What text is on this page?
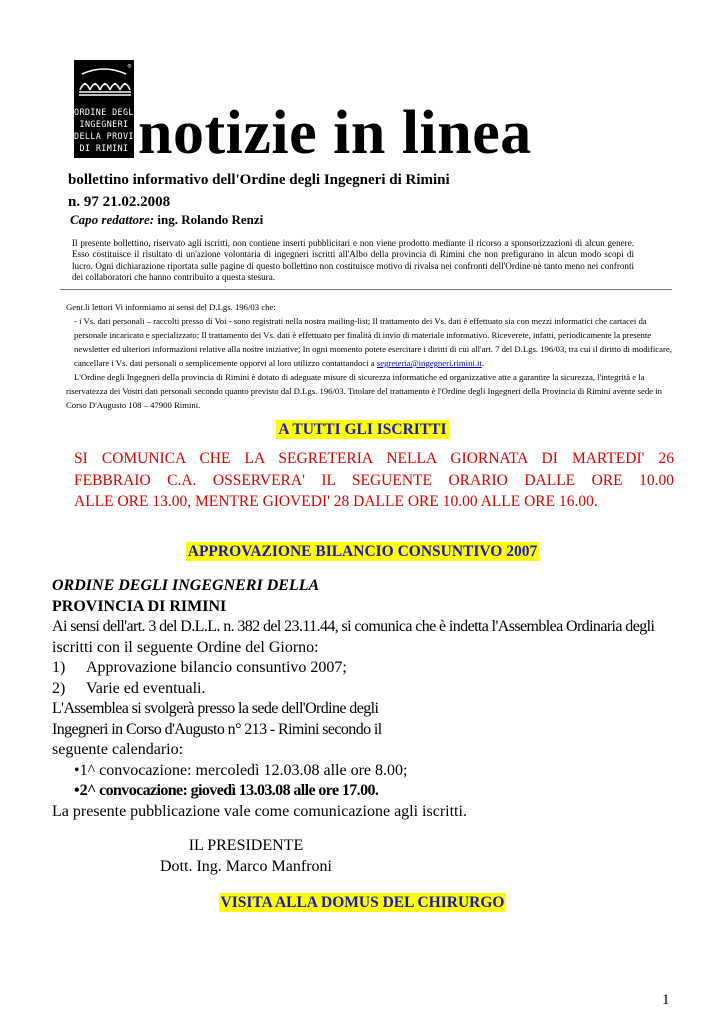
®
ORDINE DEGLI
INGEGNERI
DELLA PROVINCIA
DI RIMINI notizie in linea
bollettino informativo dell'Ordine degli Ingegneri di Rimini
n. 97 21.02.2008
Capo redattore: ing. Rolando Renzi
Il presente bollettino, riservato agli iscritti, non contiene inserti pubblicitari e non viene prodotto mediante il ricorso a sponsorizzazioni di alcun genere. Esso costituisce il risultato di un'azione volontaria di ingegneri iscritti all'Albo della provincia di Rimini che non prefigurano in alcun modo scopi di lucro. Ogni dichiarazione riportata sulle pagine di questo bollettino non costituisce motivo di rivalsa nei confronti dell'Ordine nè tanto meno nei confronti dei collaboratori che hanno contribuito a questa stesura.
Gent.li lettori Vi informiamo ai sensi del D.Lgs. 196/03 che:
- i Vs. dati personali – raccolti presso di Voi - sono registrati nella nostra mailing-list; Il trattamento dei Vs. dati è effettuato sia con mezzi informatici che cartacei da personale incaricato e specializzato; Il trattamento dei Vs. dati è effettuato per finalità di invio di materiale informativo. Riceverete, infatti, periodicamente la presente newsletter ed ulteriori informazioni relative alla nostre iniziative; In ogni momento potete esercitare i diritti di cui all'art. 7 del D.Lgs. 196/03, tra cui il diritto di modificare, cancellare i Vs. dati personali o semplicemente opporvi al loro utilizzo contattandoci a segreteria@ingegneri.rimini.it.
L'Ordine degli Ingegneri della provincia di Rimini è dotato di adeguate misure di sicurezza informatiche ed organizzative atte a garantire la sicurezza, l'integrità e la riservatezza dei Vostri dati personali secondo quanto previsto dal D.Lgs. 196/03. Titolare del trattamento è l'Ordine degli Ingegneri della Provincia di Rimini avente sede in Corso D'Augusto 108 – 47900 Rimini.
A TUTTI GLI ISCRITTI
SI COMUNICA CHE LA SEGRETERIA NELLA GIORNATA DI MARTEDI' 26
FEBBRAIO C.A. OSSERVERA' IL SEGUENTE ORARIO DALLE ORE 10.00
ALLE ORE 13.00, MENTRE GIOVEDI' 28 DALLE ORE 10.00 ALLE ORE 16.00.
APPROVAZIONE BILANCIO CONSUNTIVO 2007
ORDINE DEGLI INGEGNERI DELLA
PROVINCIA DI RIMINI
Ai sensi dell'art. 3 del D.L.L. n. 382 del 23.11.44, si comunica che è indetta l'Assemblea Ordinaria degli
iscritti con il seguente Ordine del Giorno:
1) Approvazione bilancio consuntivo 2007;
2) Varie ed eventuali.
L'Assemblea si svolgerà presso la sede dell'Ordine degli
Ingegneri in Corso d'Augusto n° 213 - Rimini secondo il
seguente calendario:
•1^ convocazione: mercoledì 12.03.08 alle ore 8.00;
•2^ convocazione: giovedì 13.03.08 alle ore 17.00.
La presente pubblicazione vale come comunicazione agli iscritti.
IL PRESIDENTE
Dott. Ing. Marco Manfroni
VISITA ALLA DOMUS DEL CHIRURGO
1
